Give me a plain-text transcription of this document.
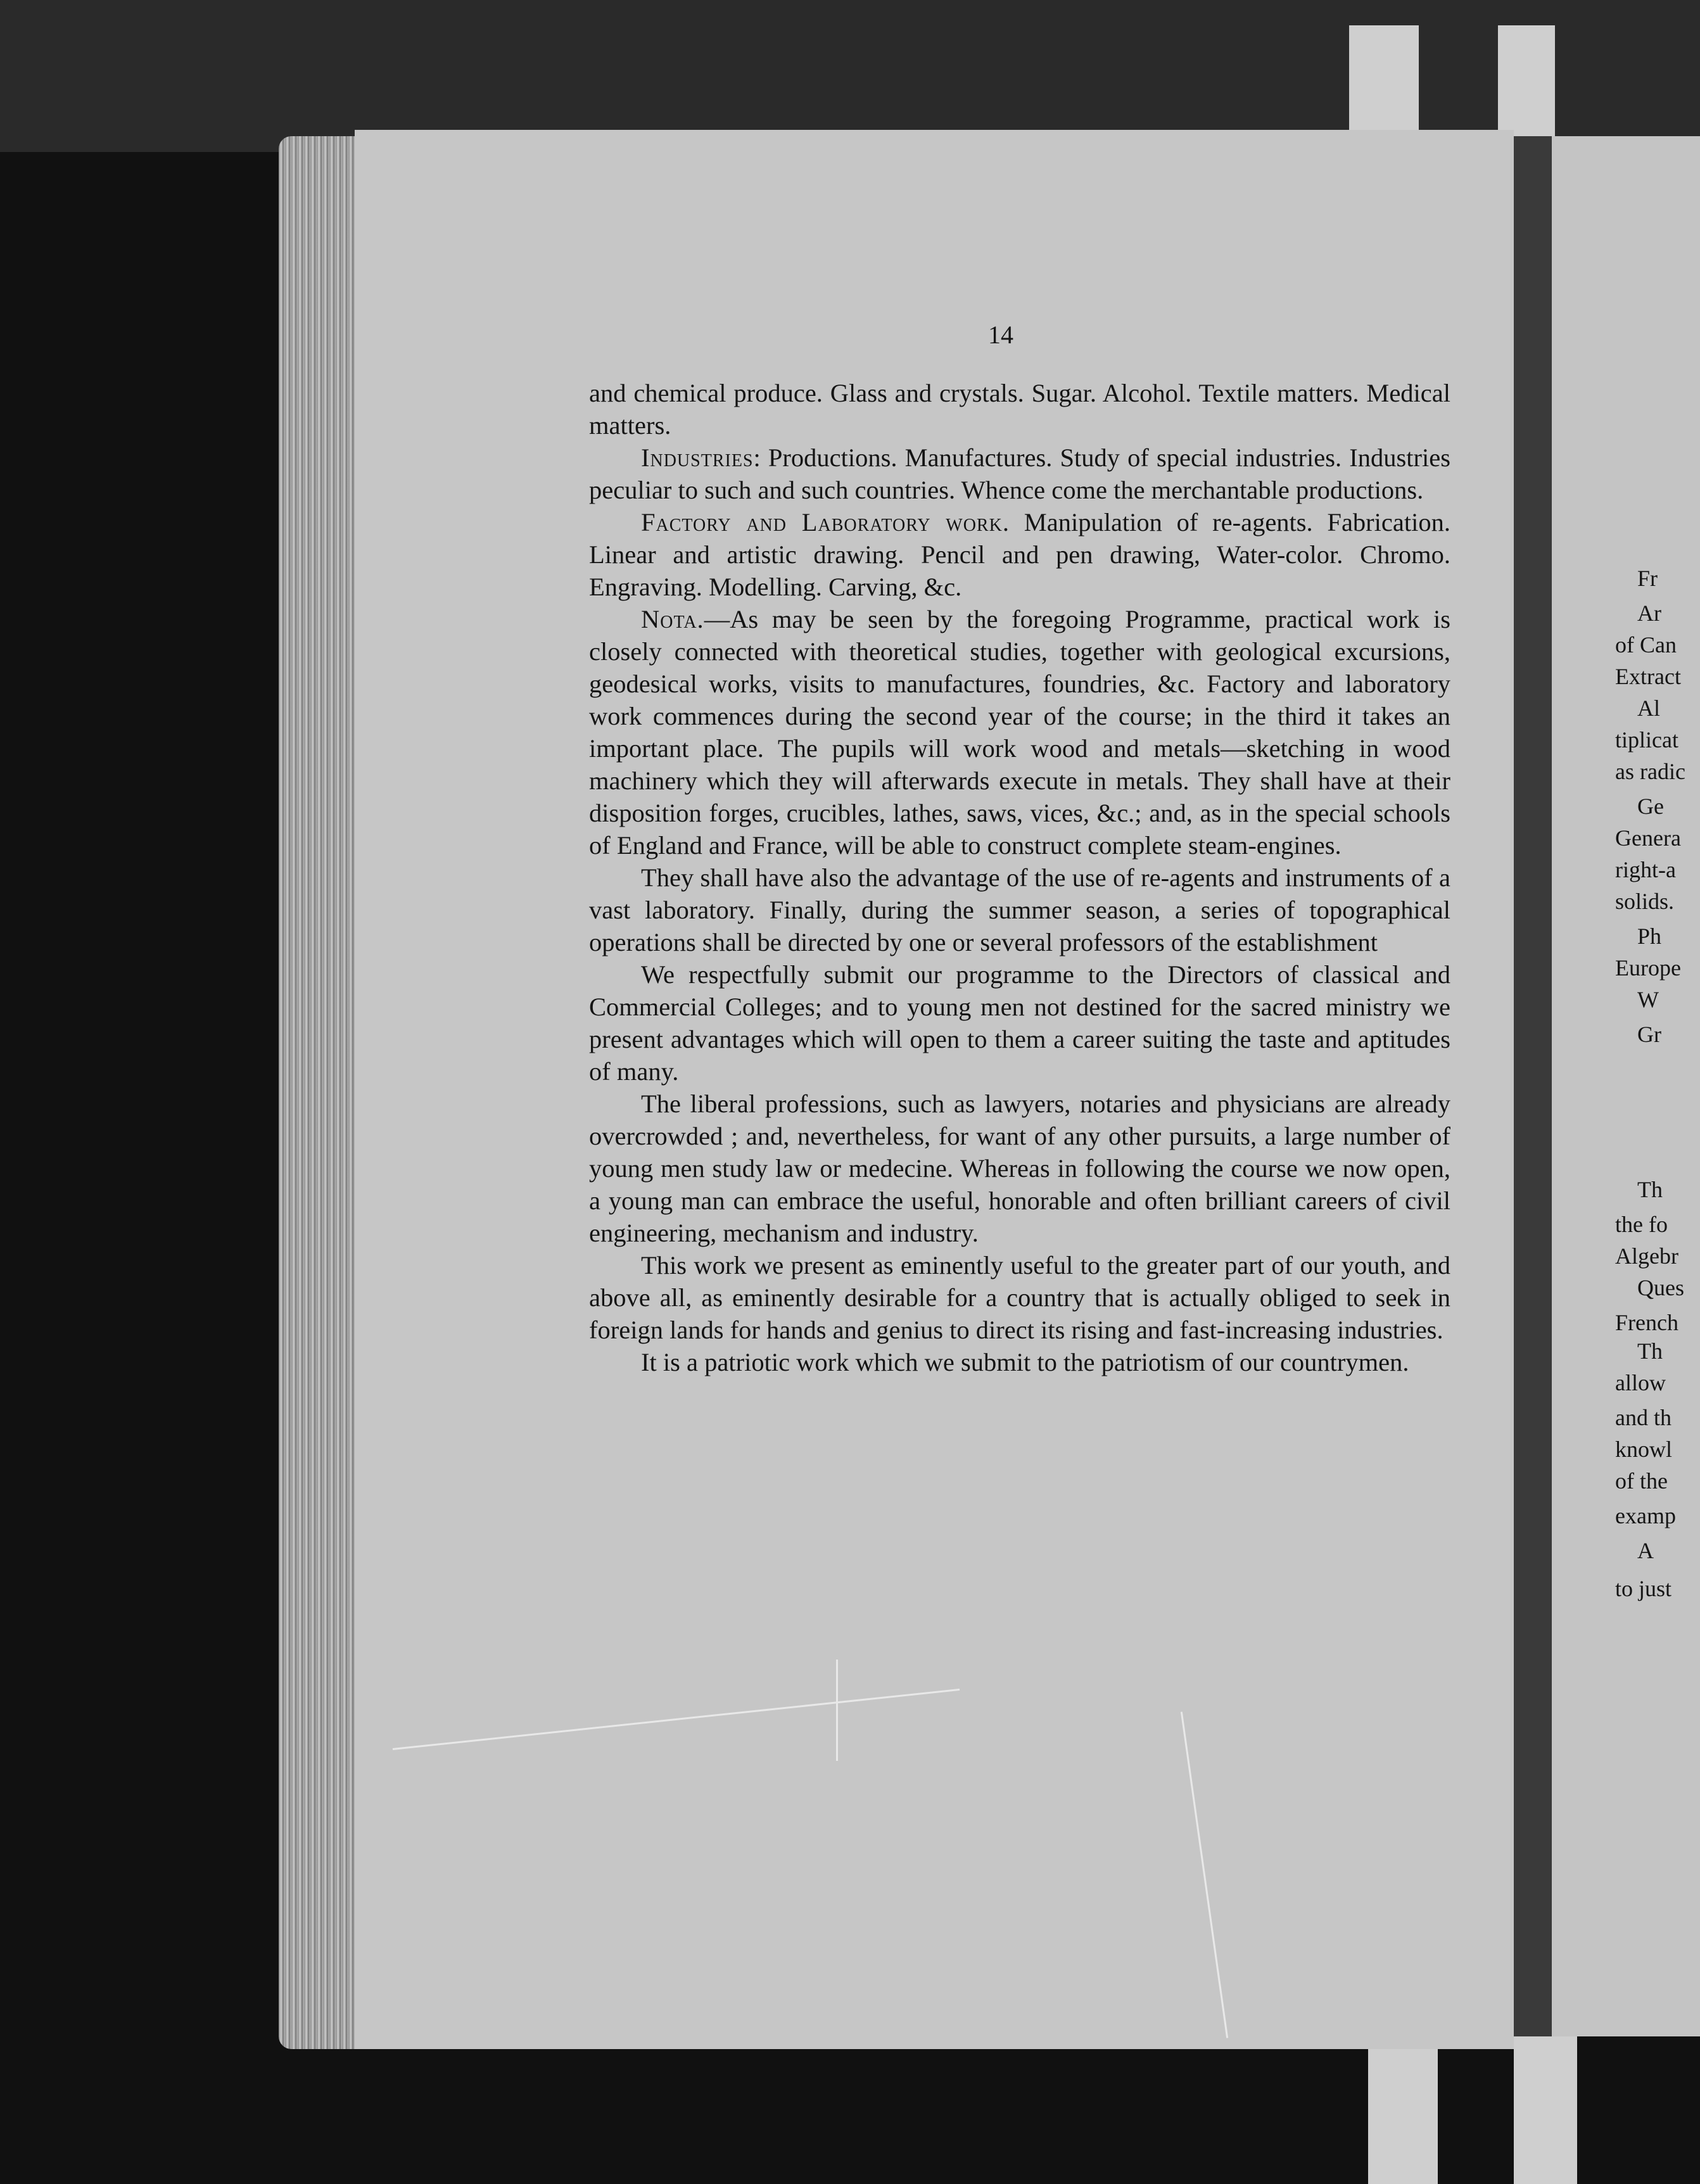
Fr
Ar
of Can
Extract
Al
tiplicat
as radic
Ge
Genera
right-a
solids.
Ph
Europe
W
Gr
Th
the fo
Algebr
Ques
French
Th
allow
and th
knowl
of the
examp
A
to just
14

and chemical produce. Glass and crystals. Sugar. Alcohol. Textile matters. Medical matters.

Industries: Productions. Manufactures. Study of special industries. Industries peculiar to such and such countries. Whence come the merchantable productions.

Factory and Laboratory work. Manipulation of re-agents. Fabrication. Linear and artistic drawing. Pencil and pen drawing, Water-color. Chromo. Engraving. Modelling. Carving, &c.

Nota.—As may be seen by the foregoing Programme, practical work is closely connected with theoretical studies, together with geological excursions, geodesical works, visits to manufactures, foundries, &c. Factory and laboratory work commences during the second year of the course; in the third it takes an important place. The pupils will work wood and metals—sketching in wood machinery which they will afterwards execute in metals. They shall have at their disposition forges, crucibles, lathes, saws, vices, &c.; and, as in the special schools of England and France, will be able to construct complete steam-engines.

They shall have also the advantage of the use of re-agents and instruments of a vast laboratory. Finally, during the summer season, a series of topographical operations shall be directed by one or several professors of the establishment

We respectfully submit our programme to the Directors of classical and Commercial Colleges; and to young men not destined for the sacred ministry we present advantages which will open to them a career suiting the taste and aptitudes of many.

The liberal professions, such as lawyers, notaries and physicians are already overcrowded ; and, nevertheless, for want of any other pursuits, a large number of young men study law or medecine. Whereas in following the course we now open, a young man can embrace the useful, honorable and often brilliant careers of civil engineering, mechanism and industry.

This work we present as eminently useful to the greater part of our youth, and above all, as eminently desirable for a country that is actually obliged to seek in foreign lands for hands and genius to direct its rising and fast-increasing industries.

It is a patriotic work which we submit to the patriotism of our countrymen.
